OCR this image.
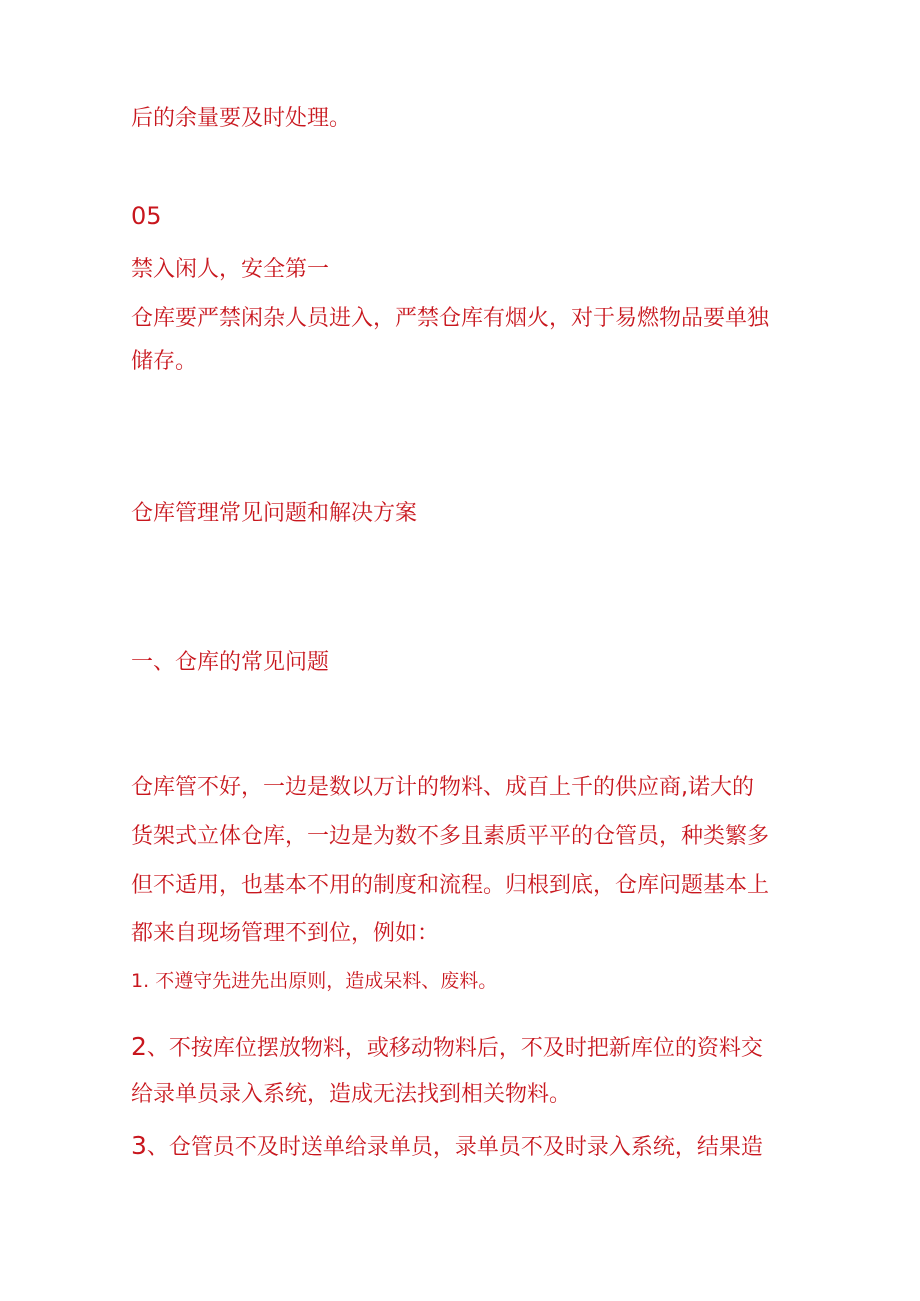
后的余量要及时处理。

05

禁入闲人，安全第一

仓库要严禁闲杂人员进入，严禁仓库有烟火，对于易燃物品要单独

储存。

仓库管理常见问题和解决方案

一、仓库的常见问题

仓库管不好，一边是数以万计的物料、成百上千的供应商,诺大的

货架式立体仓库，一边是为数不多且素质平平的仓管员，种类繁多

但不适用，也基本不用的制度和流程。归根到底，仓库问题基本上

都来自现场管理不到位，例如：

1. 不遵守先进先出原则，造成呆料、废料。

2、不按库位摆放物料，或移动物料后，不及时把新库位的资料交

给录单员录入系统，造成无法找到相关物料。

3、仓管员不及时送单给录单员，录单员不及时录入系统，结果造
